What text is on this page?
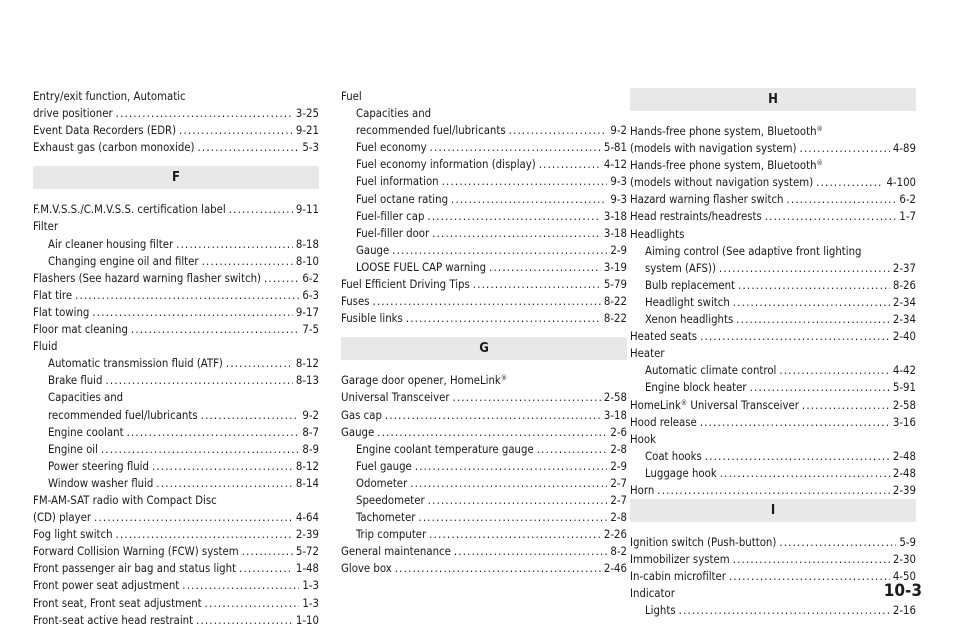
Entry/exit function, Automatic
drive positioner .....	3-25
Event Data Recorders (EDR) .....	9-21
Exhaust gas (carbon monoxide) .....	5-3
F
F.M.V.S.S./C.M.V.S.S. certification label .....	9-11
Filter
Air cleaner housing filter .....	8-18
Changing engine oil and filter .....	8-10
Flashers (See hazard warning flasher switch) .....	6-2
Flat tire .....	6-3
Flat towing .....	9-17
Floor mat cleaning .....	7-5
Fluid
Automatic transmission fluid (ATF) .....	8-12
Brake fluid .....	8-13
Capacities and
recommended fuel/lubricants .....	9-2
Engine coolant .....	8-7
Engine oil .....	8-9
Power steering fluid .....	8-12
Window washer fluid .....	8-14
FM-AM-SAT radio with Compact Disc
(CD) player .....	4-64
Fog light switch .....	2-39
Forward Collision Warning (FCW) system .....	5-72
Front passenger air bag and status light .....	1-48
Front power seat adjustment .....	1-3
Front seat, Front seat adjustment .....	1-3
Front-seat active head restraint .....	1-10
Fuel
Capacities and
recommended fuel/lubricants .....	9-2
Fuel economy .....	5-81
Fuel economy information (display) .....	4-12
Fuel information .....	9-3
Fuel octane rating .....	9-3
Fuel-filler cap .....	3-18
Fuel-filler door .....	3-18
Gauge .....	2-9
LOOSE FUEL CAP warning .....	3-19
Fuel Efficient Driving Tips .....	5-79
Fuses .....	8-22
Fusible links .....	8-22
G
Garage door opener, HomeLink®
Universal Transceiver .....	2-58
Gas cap .....	3-18
Gauge .....	2-6
Engine coolant temperature gauge .....	2-8
Fuel gauge .....	2-9
Odometer .....	2-7
Speedometer .....	2-7
Tachometer .....	2-8
Trip computer .....	2-26
General maintenance .....	8-2
Glove box .....	2-46
H
Hands-free phone system, Bluetooth®
(models with navigation system) .....	4-89
Hands-free phone system, Bluetooth®
(models without navigation system) .....	4-100
Hazard warning flasher switch .....	6-2
Head restraints/headrests .....	1-7
Headlights
Aiming control (See adaptive front lighting
system (AFS)) .....	2-37
Bulb replacement .....	8-26
Headlight switch .....	2-34
Xenon headlights .....	2-34
Heated seats .....	2-40
Heater
Automatic climate control .....	4-42
Engine block heater .....	5-91
HomeLink® Universal Transceiver .....	2-58
Hood release .....	3-16
Hook
Coat hooks .....	2-48
Luggage hook .....	2-48
Horn .....	2-39
I
Ignition switch (Push-button) .....	5-9
Immobilizer system .....	2-30
In-cabin microfilter .....	4-50
Indicator
Lights .....	2-16
10-3
